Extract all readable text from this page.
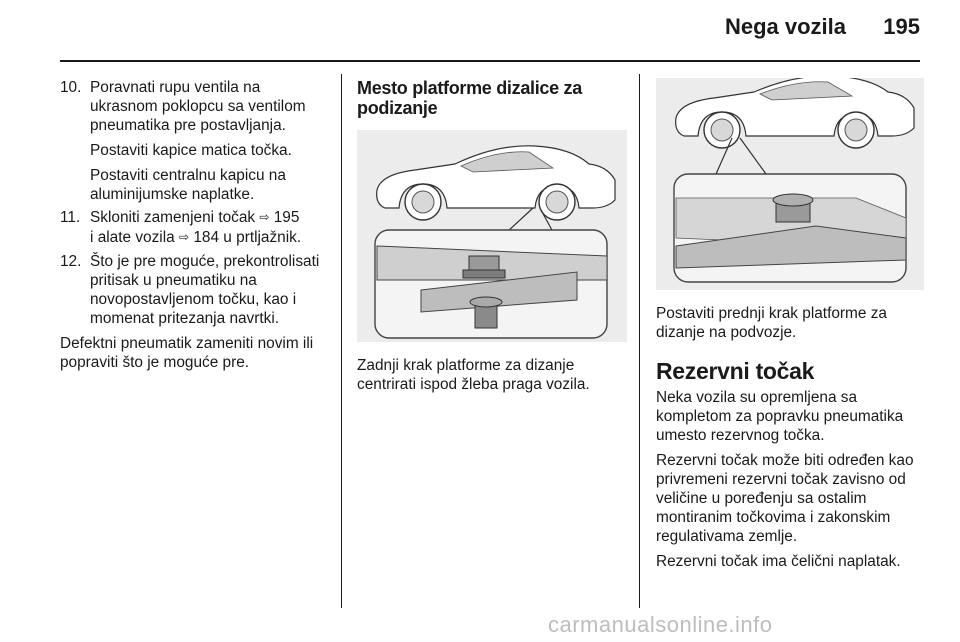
Nega vozila	195
10. Poravnati rupu ventila na ukrasnom poklopcu sa ventilom pneumatika pre postavljanja.

Postaviti kapice matica točka.

Postaviti centralnu kapicu na aluminijumske naplatke.

11. Skloniti zamenjeni točak ⇨ 195
i alate vozila ⇨ 184 u prtljažnik.

12. Što je pre moguće, prekontrolisati pritisak u pneumatiku na novopostavljenom točku, kao i momenat pritezanja navrtki.

Defektni pneumatik zameniti novim ili popraviti što je moguće pre.

Mesto platforme dizalice za podizanje

Zadnji krak platforme za dizanje centrirati ispod žleba praga vozila.

Postaviti prednji krak platforme za dizanje na podvozje.

Rezervni točak

Neka vozila su opremljena sa kompletom za popravku pneumatika umesto rezervnog točka.

Rezervni točak može biti određen kao privremeni rezervni točak zavisno od veličine u poređenju sa ostalim montiranim točkovima i zakonskim regulativama zemlje.

Rezervni točak ima čelični naplatak.

carmanualsonline.info
